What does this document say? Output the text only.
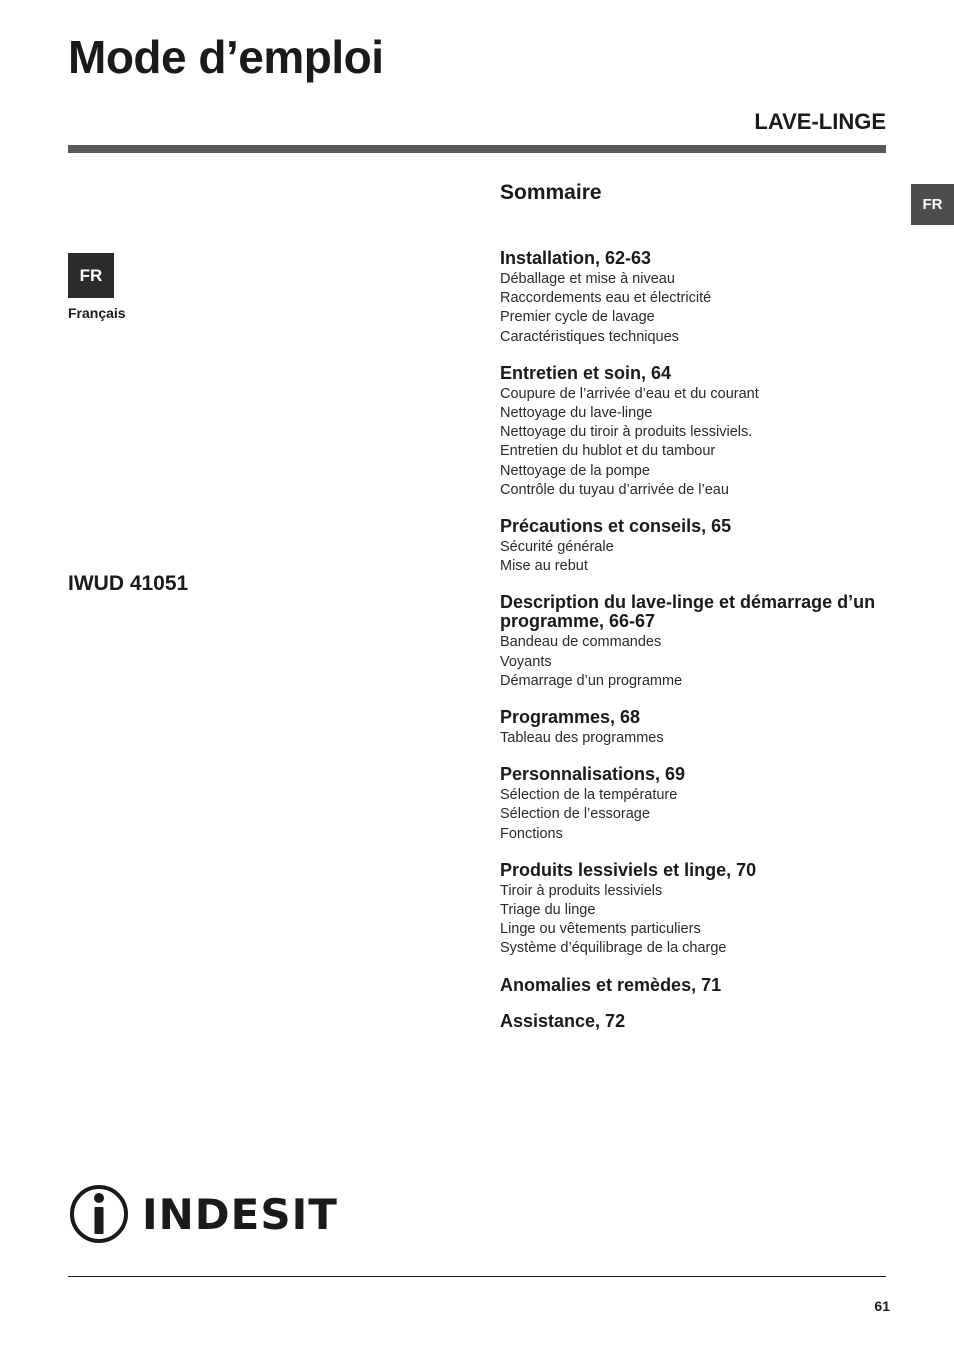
Mode d’emploi
LAVE-LINGE
FR
FR
Français
IWUD 41051
Sommaire
Installation, 62-63
Déballage et mise à niveau
Raccordements eau et électricité
Premier cycle de lavage
Caractéristiques techniques
Entretien et soin, 64
Coupure de l’arrivée d’eau et du courant
Nettoyage du lave-linge
Nettoyage du tiroir à produits lessiviels.
Entretien du hublot et du tambour
Nettoyage de la pompe
Contrôle du tuyau d’arrivée de l’eau
Précautions et conseils, 65
Sécurité générale
Mise au rebut
Description du lave-linge et démarrage d’un programme, 66-67
Bandeau de commandes
Voyants
Démarrage d’un programme
Programmes, 68
Tableau des programmes
Personnalisations, 69
Sélection de la température
Sélection de l’essorage
Fonctions
Produits lessiviels et linge, 70
Tiroir à produits lessiviels
Triage du linge
Linge ou vêtements particuliers
Système d’équilibrage de la charge
Anomalies et remèdes, 71
Assistance, 72
INDESIT
61
